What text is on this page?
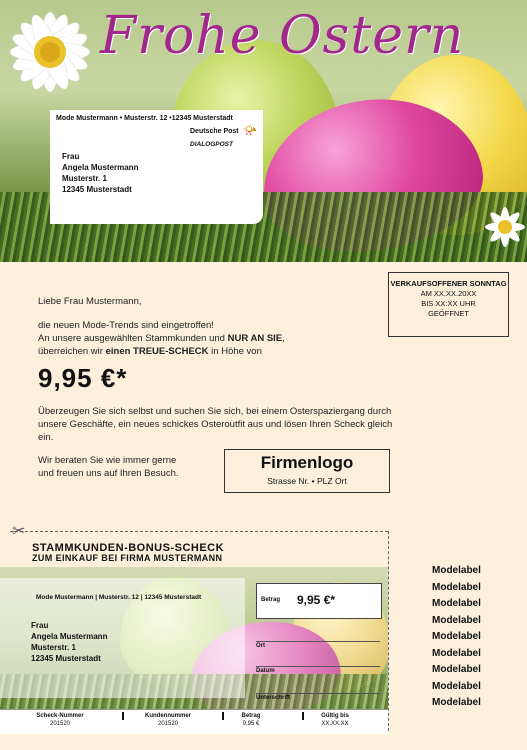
Frohe Ostern
Mode Mustermann • Musterstr. 12 •12345 Musterstadt
Deutsche Post 📯
DIALOGPOST
Frau
Angela Mustermann
Musterstr. 1
12345 Musterstadt
VERKAUFSOFFENER SONNTAG
AM XX.XX.20XX
BIS XX:XX UHR
GEÖFFNET
Liebe Frau Mustermann,
die neuen Mode-Trends sind eingetroffen!
An unsere ausgewählten Stammkunden und NUR AN SIE,
überreichen wir einen TREUE-SCHECK in Höhe von
9,95 €*
Überzeugen Sie sich selbst und suchen Sie sich, bei einem Osterspaziergang durch unsere Geschäfte, ein neues schickes Osteroutfit aus und lösen Ihren Scheck gleich ein.
Wir beraten Sie wie immer gerne
und freuen uns auf Ihren Besuch.
Firmenlogo
Strasse Nr. • PLZ Ort
✂
STAMMKUNDEN-BONUS-SCHECK
ZUM EINKAUF BEI FIRMA MUSTERMANN
Mode Mustermann | Musterstr. 12 | 12345 Musterstadt
Frau
Angela Mustermann
Musterstr. 1
12345 Musterstadt
Betrag 9,95 €*
Ort
Datum
Unterschrift
Scheck-Nummer
201520
Kundennummer
201520
Betrag
9,95 €
Gültig bis
XX.XX.XX
Modelabel
Modelabel
Modelabel
Modelabel
Modelabel
Modelabel
Modelabel
Modelabel
Modelabel
